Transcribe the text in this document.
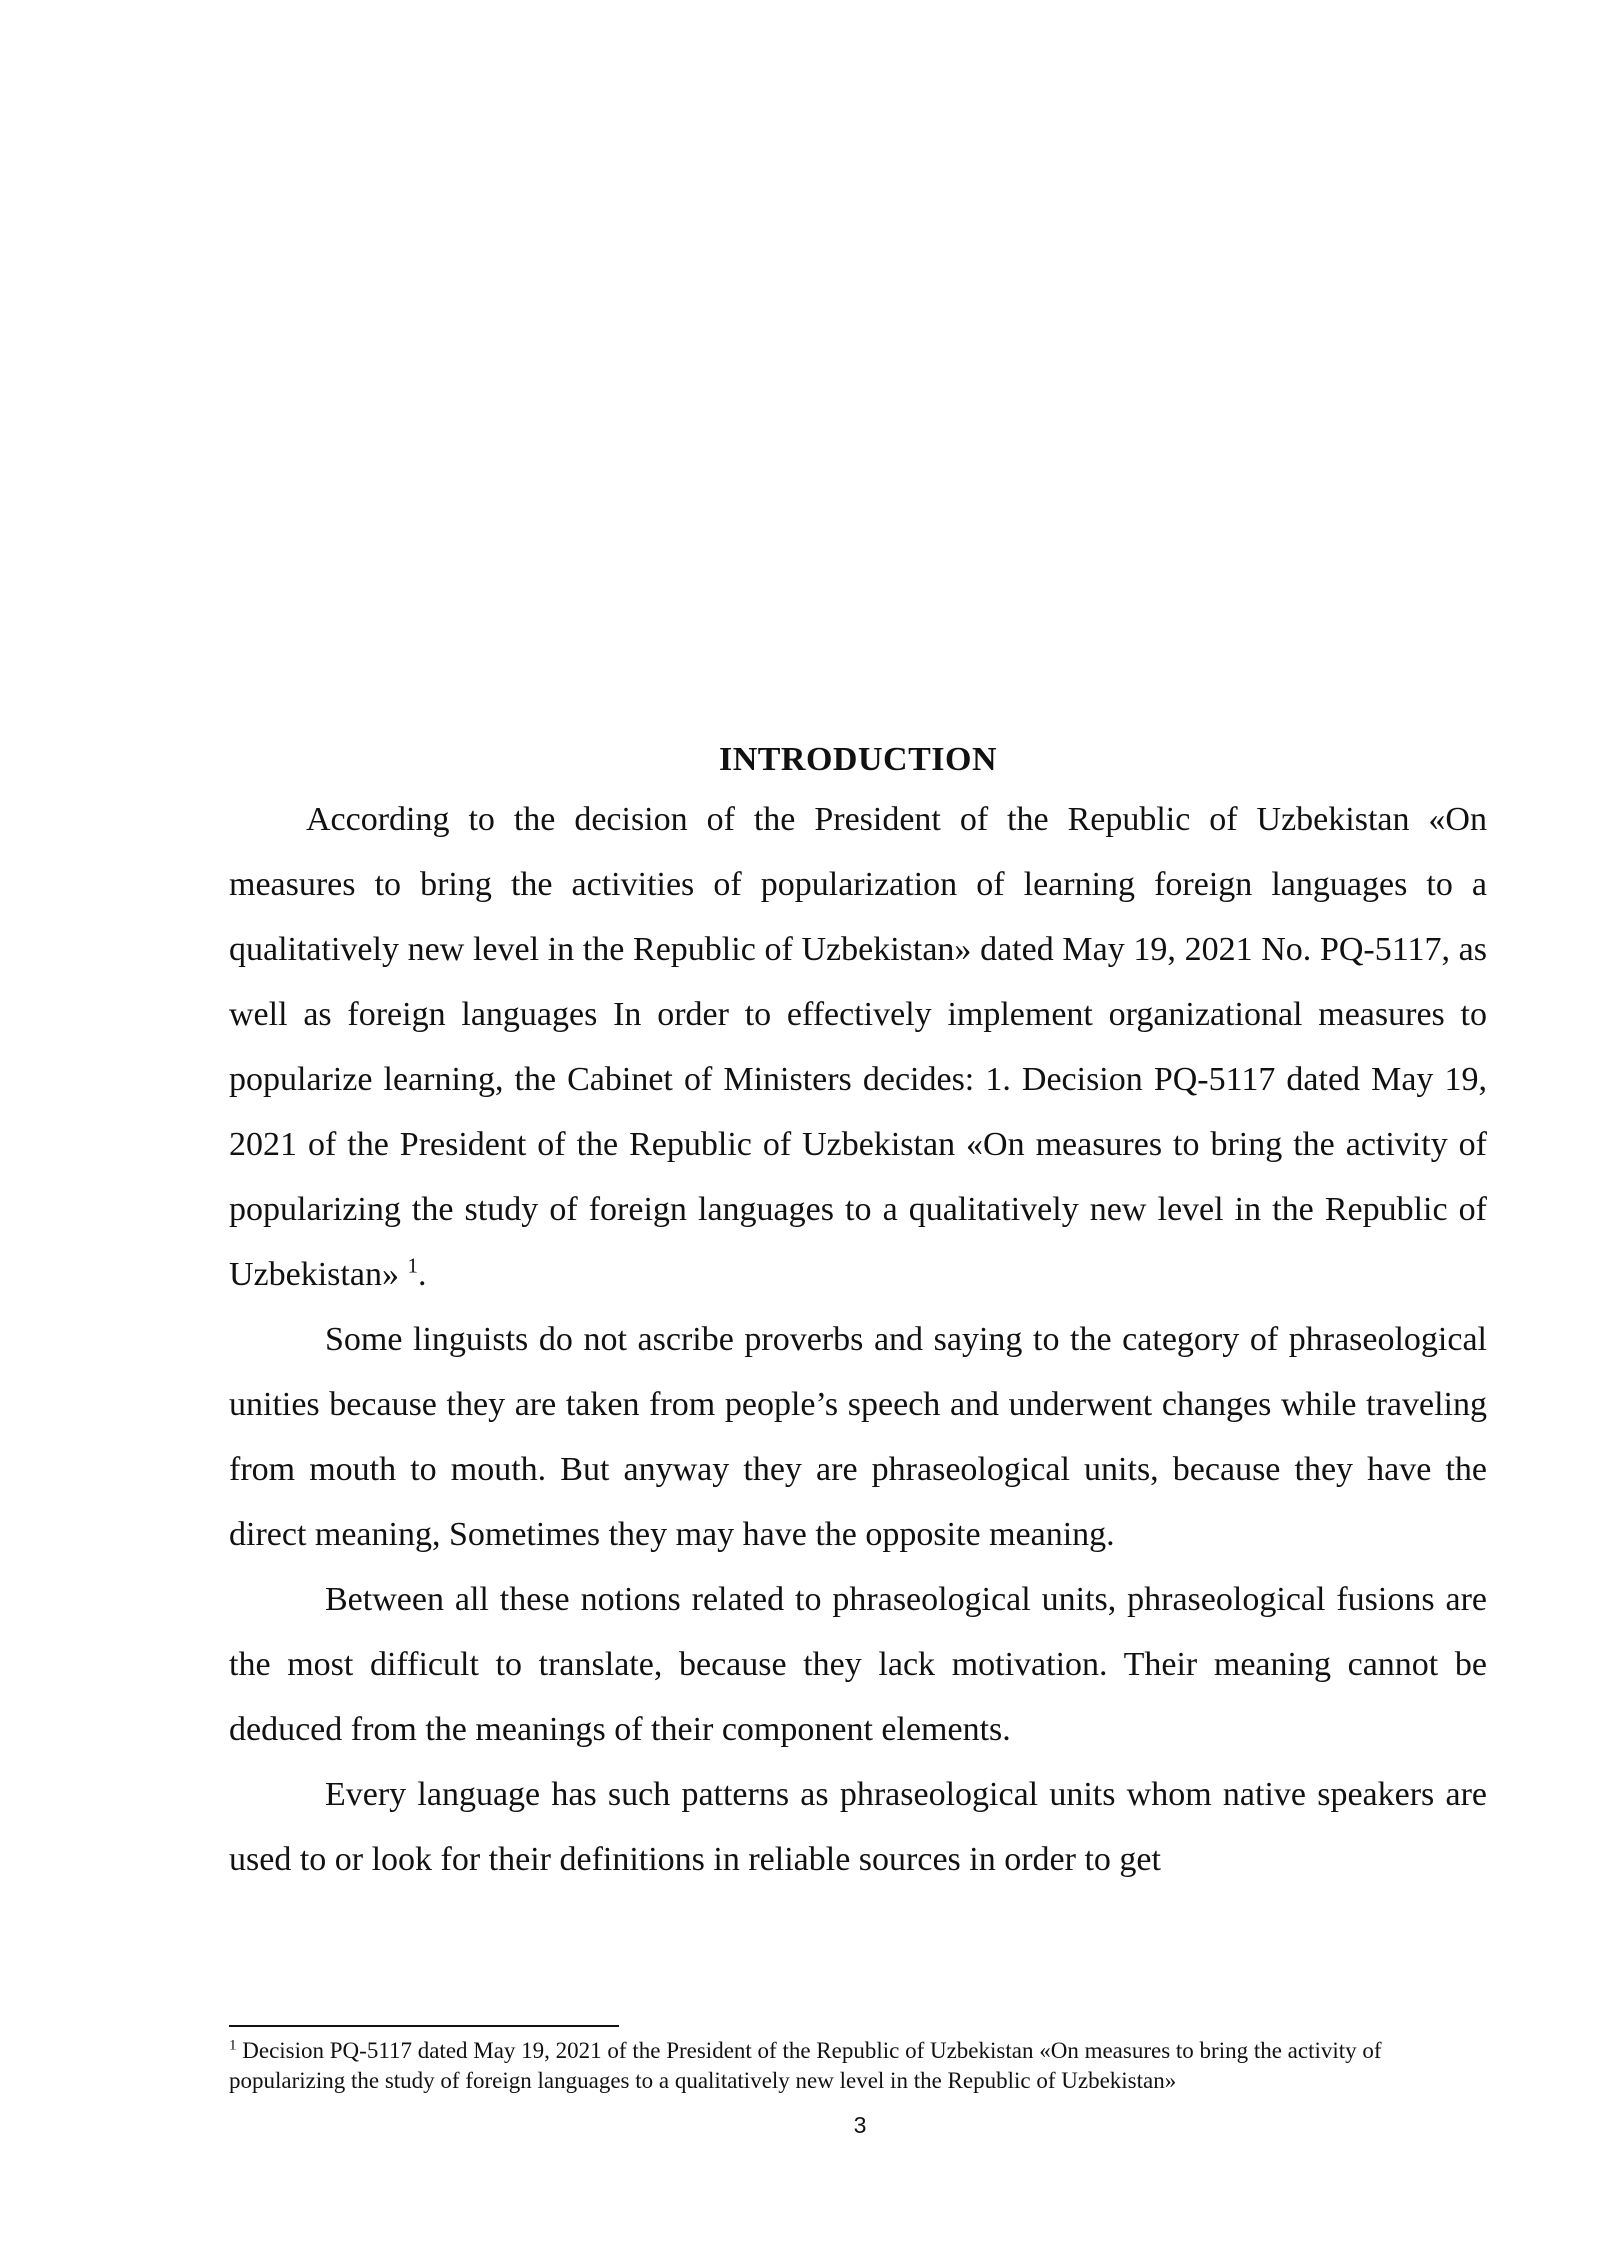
INTRODUCTION

According to the decision of the President of the Republic of Uzbekistan «On measures to bring the activities of popularization of learning foreign languages to a qualitatively new level in the Republic of Uzbekistan» dated May 19, 2021 No. PQ-5117, as well as foreign languages In order to effectively implement organizational measures to popularize learning, the Cabinet of Ministers decides: 1. Decision PQ-5117 dated May 19, 2021 of the President of the Republic of Uzbekistan «On measures to bring the activity of popularizing the study of foreign languages to a qualitatively new level in the Republic of Uzbekistan» $^1$.

Some linguists do not ascribe proverbs and saying to the category of phraseological unities because they are taken from people’s speech and underwent changes while traveling from mouth to mouth. But anyway they are phraseological units, because they have the direct meaning, Sometimes they may have the opposite meaning.

Between all these notions related to phraseological units, phraseological fusions are the most difficult to translate, because they lack motivation. Their meaning cannot be deduced from the meanings of their component elements.

Every language has such patterns as phraseological units whom native speakers are used to or look for their definitions in reliable sources in order to get

$^1$ Decision PQ-5117 dated May 19, 2021 of the President of the Republic of Uzbekistan «On measures to bring the activity of popularizing the study of foreign languages to a qualitatively new level in the Republic of Uzbekistan»

3
